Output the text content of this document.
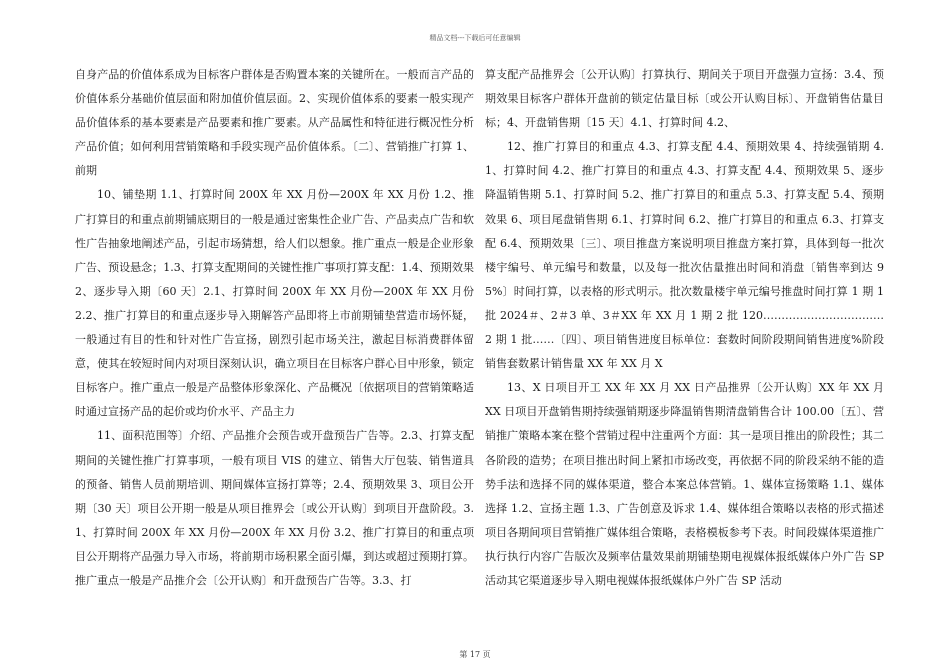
精品文档---下载后可任意编辑

自身产品的价值体系成为目标客户群体是否购置本案的关键所在。一般而言产品的价值体系分基础价值层面和附加值价值层面。2、实现价值体系的要素一般实现产品价值体系的基本要素是产品要素和推广要素。从产品属性和特征进行概况性分析产品价值；如何利用营销策略和手段实现产品价值体系。〔二〕、营销推广打算 1、前期

10、铺垫期 1.1、打算时间 200X 年 XX 月份—200X 年 XX 月份 1.2、推广打算目的和重点前期铺底期目的一般是通过密集性企业广告、产品卖点广告和软性广告抽象地阐述产品，引起市场猜想，给人们以想象。推广重点一般是企业形象广告、预设悬念；1.3、打算支配期间的关键性推广事项打算支配：1.4、预期效果 2、逐步导入期〔60 天〕2.1、打算时间 200X 年 XX 月份—200X 年 XX 月份 2.2、推广打算目的和重点逐步导入期解答产品即将上市前期铺垫营造市场怀疑，一般通过有目的性和针对性广告宣扬，剧烈引起市场关注，激起目标消费群体留意，使其在较短时间内对项目深刻认识，确立项目在目标客户群心目中形象，锁定目标客户。推广重点一般是产品整体形象深化、产品概况〔依据项目的营销策略适时通过宣扬产品的起价或均价水平、产品主力

11、面积范围等〕介绍、产品推介会预告或开盘预告广告等。2.3、打算支配期间的关键性推广打算事项，一般有项目 VIS 的建立、销售大厅包装、销售道具的预备、销售人员前期培训、期间媒体宣扬打算等；2.4、预期效果 3、项目公开期〔30 天〕项目公开期一般是从项目推界会〔或公开认购〕到项目开盘阶段。3.1、打算时间 200X 年 XX 月份—200X 年 XX 月份 3.2、推广打算目的和重点项目公开期将产品强力导入市场，将前期市场积累全面引爆，到达或超过预期打算。推广重点一般是产品推介会〔公开认购〕和开盘预告广告等。3.3、打

算支配产品推界会〔公开认购〕打算执行、期间关于项目开盘强力宣扬：3.4、预期效果目标客户群体开盘前的锁定估量目标〔或公开认购目标〕、开盘销售估量目标；4、开盘销售期〔15 天〕4.1、打算时间 4.2、

12、推广打算目的和重点 4.3、打算支配 4.4、预期效果 4、持续强销期 4.1、打算时间 4.2、推广打算目的和重点 4.3、打算支配 4.4、预期效果 5、逐步降温销售期 5.1、打算时间 5.2、推广打算目的和重点 5.3、打算支配 5.4、预期效果 6、项目尾盘销售期 6.1、打算时间 6.2、推广打算目的和重点 6.3、打算支配 6.4、预期效果〔三〕、项目推盘方案说明项目推盘方案打算，具体到每一批次楼宇编号、单元编号和数量，以及每一批次估量推出时间和消盘〔销售率到达 95%〕时间打算，以表格的形式明示。批次数量楼宇单元编号推盘时间打算 1 期 1 批 2024＃、2＃3 单、3＃XX 年 XX 月 1 期 2 批 120……………………………2 期 1 批……〔四〕、项目销售进度目标单位：套数时间阶段期间销售进度%阶段销售套数累计销售量 XX 年 XX 月 X

13、X 日项目开工 XX 年 XX 月 XX 日产品推界〔公开认购〕XX 年 XX 月 XX 日项目开盘销售期持续强销期逐步降温销售期清盘销售合计 100.00〔五〕、营销推广策略本案在整个营销过程中注重两个方面：其一是项目推出的阶段性；其二各阶段的造势；在项目推出时间上紧扣市场改变，再依据不同的阶段采纳不能的造势手法和选择不同的媒体渠道，整合本案总体营销。1、媒体宣扬策略 1.1、媒体选择 1.2、宣扬主题 1.3、广告创意及诉求 1.4、媒体组合策略以表格的形式描述项目各期间项目营销推广媒体组合策略，表格模板参考下表。时间段媒体渠道推广执行执行内容广告版次及频率估量效果前期铺垫期电视媒体报纸媒体户外广告 SP 活动其它渠道逐步导入期电视媒体报纸媒体户外广告 SP 活动

第 17 页
